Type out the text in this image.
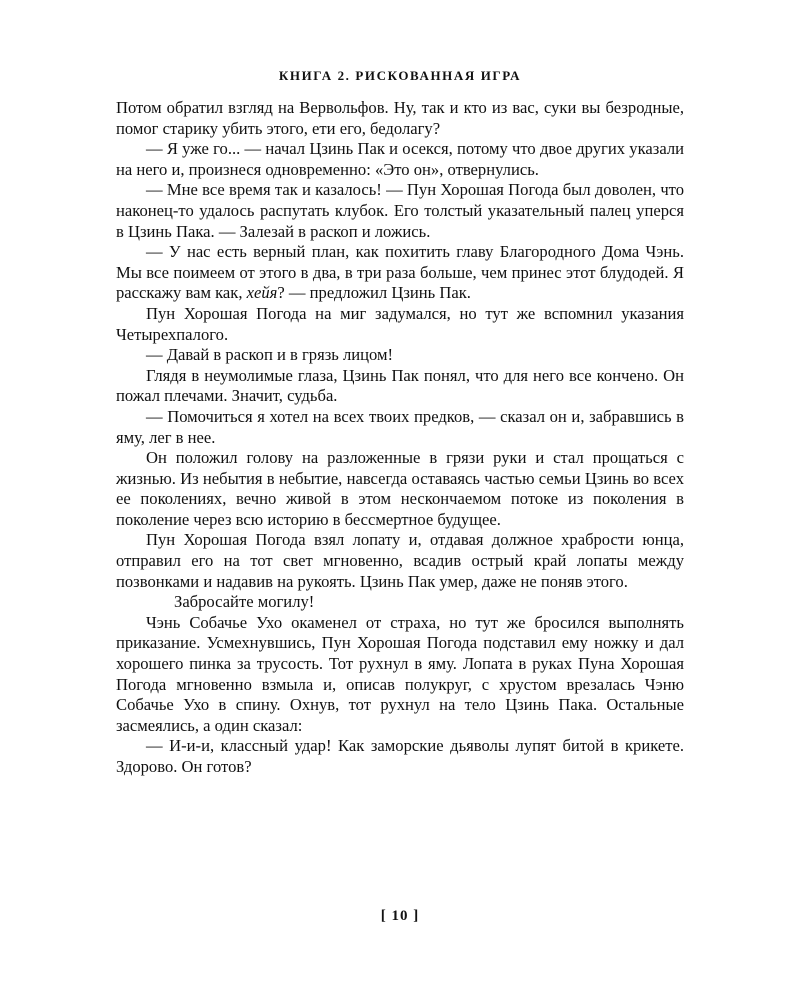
КНИГА 2. РИСКОВАННАЯ ИГРА

Потом обратил взгляд на Вервольфов. Ну, так и кто из вас, суки вы безродные, помог старику убить этого, ети его, бедолагу?

— Я уже го... — начал Цзинь Пак и осекся, потому что двое других указали на него и, произнеся одновременно: «Это он», отвернулись.

— Мне все время так и казалось! — Пун Хорошая Погода был доволен, что наконец-то удалось распутать клубок. Его толстый указательный палец уперся в Цзинь Пака. — Залезай в раскоп и ложись.

— У нас есть верный план, как похитить главу Благородного Дома Чэнь. Мы все поимеем от этого в два, в три раза больше, чем принес этот блудодей. Я расскажу вам как, хейя? — предложил Цзинь Пак.

Пун Хорошая Погода на миг задумался, но тут же вспомнил указания Четырехпалого.

— Давай в раскоп и в грязь лицом!

Глядя в неумолимые глаза, Цзинь Пак понял, что для него все кончено. Он пожал плечами. Значит, судьба.

— Помочиться я хотел на всех твоих предков, — сказал он и, забравшись в яму, лег в нее.

Он положил голову на разложенные в грязи руки и стал прощаться с жизнью. Из небытия в небытие, навсегда оставаясь частью семьи Цзинь во всех ее поколениях, вечно живой в этом нескончаемом потоке из поколения в поколение через всю историю в бессмертное будущее.

Пун Хорошая Погода взял лопату и, отдавая должное храбрости юнца, отправил его на тот свет мгновенно, всадив острый край лопаты между позвонками и надавив на рукоять. Цзинь Пак умер, даже не поняв этого.

Забросайте могилу!

Чэнь Собачье Ухо окаменел от страха, но тут же бросился выполнять приказание. Усмехнувшись, Пун Хорошая Погода подставил ему ножку и дал хорошего пинка за трусость. Тот рухнул в яму. Лопата в руках Пуна Хорошая Погода мгновенно взмыла и, описав полукруг, с хрустом врезалась Чэню Собачье Ухо в спину. Охнув, тот рухнул на тело Цзинь Пака. Остальные засмеялись, а один сказал:

— И-и-и, классный удар! Как заморские дьяволы лупят битой в крикете. Здорово. Он готов?

[ 10 ]
